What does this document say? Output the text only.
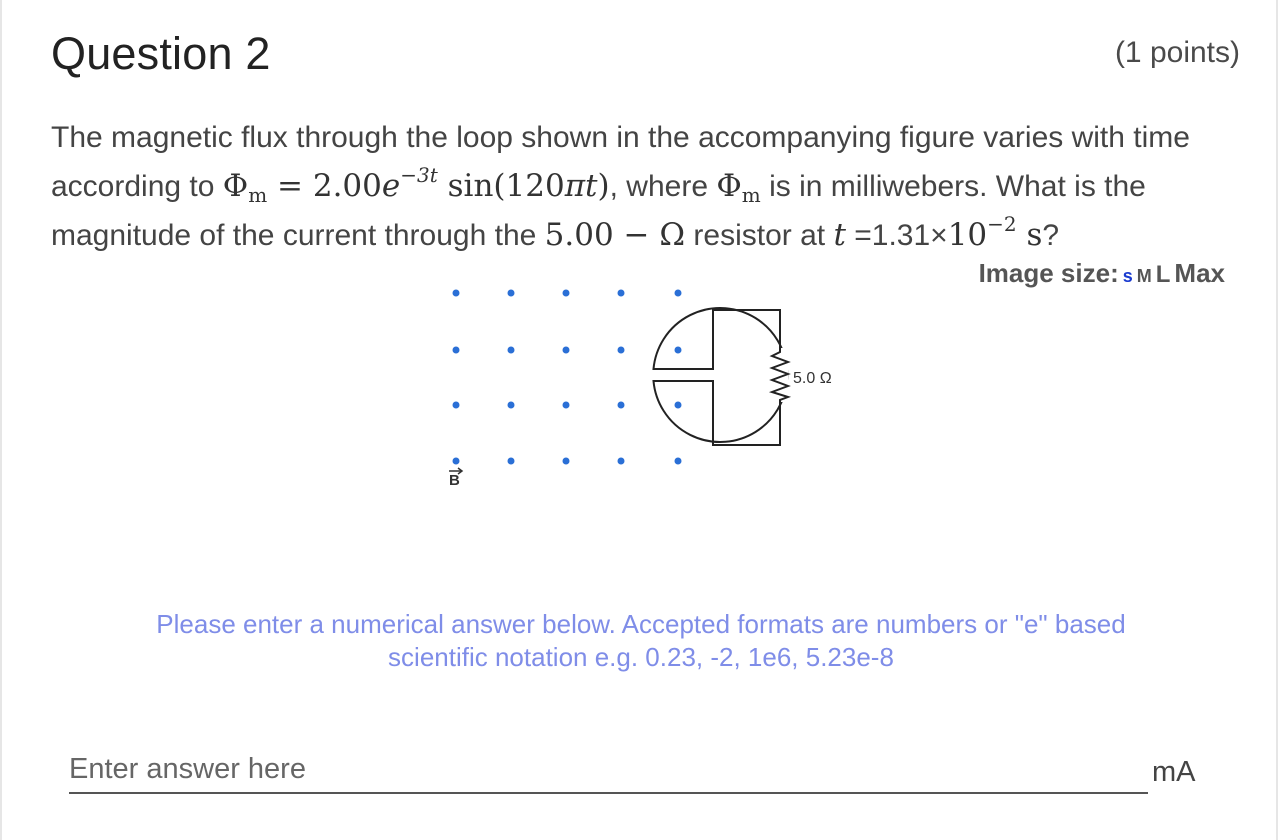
Question 2	(1 points)
The magnetic flux through the loop shown in the accompanying figure varies with time according to $\Phi_m = 2.00e^{-3t}$ sin(120πt), where $\Phi_m$ is in milliwebers. What is the magnitude of the current through the 5.00 − Ω resistor at $t =1.31\times 10^{-2}$ s?
Image size: s M L Max
5.0 Ω
B
Please enter a numerical answer below. Accepted formats are numbers or "e" based
scientific notation e.g. 0.23, -2, 1e6, 5.23e-8
Enter answer here
mA
